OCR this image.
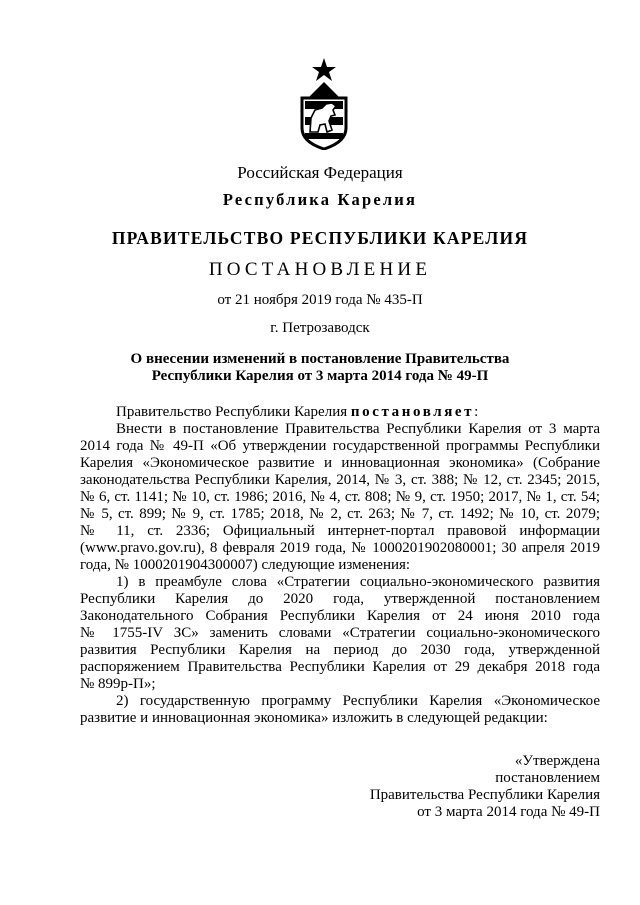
Российская Федерация
Республика Карелия
ПРАВИТЕЛЬСТВО РЕСПУБЛИКИ КАРЕЛИЯ
ПОСТАНОВЛЕНИЕ
от 21 ноября 2019 года № 435-П
г. Петрозаводск
О внесении изменений в постановление Правительства
Республики Карелия от 3 марта 2014 года № 49-П
Правительство Республики Карелия постановляет:
Внести в постановление Правительства Республики Карелия от 3 марта
2014 года № 49-П «Об утверждении государственной программы Республики
Карелия «Экономическое развитие и инновационная экономика» (Собрание
законодательства Республики Карелия, 2014, № 3, ст. 388; № 12, ст. 2345; 2015,
№ 6, ст. 1141; № 10, ст. 1986; 2016, № 4, ст. 808; № 9, ст. 1950; 2017, № 1, ст. 54;
№ 5, ст. 899; № 9, ст. 1785; 2018, № 2, ст. 263; № 7, ст. 1492; № 10, ст. 2079;
№ 11, ст. 2336; Официальный интернет-портал правовой информации
(www.pravo.gov.ru), 8 февраля 2019 года, № 1000201902080001; 30 апреля 2019
года, № 1000201904300007) следующие изменения:
1) в преамбуле слова «Стратегии социально-экономического развития
Республики Карелия до 2020 года, утвержденной постановлением
Законодательного Собрания Республики Карелия от 24 июня 2010 года
№ 1755-IV ЗС» заменить словами «Стратегии социально-экономического
развития Республики Карелия на период до 2030 года, утвержденной
распоряжением Правительства Республики Карелия от 29 декабря 2018 года
№ 899р-П»;
2) государственную программу Республики Карелия «Экономическое
развитие и инновационная экономика» изложить в следующей редакции:
«Утверждена
постановлением
Правительства Республики Карелия
от 3 марта 2014 года № 49-П
